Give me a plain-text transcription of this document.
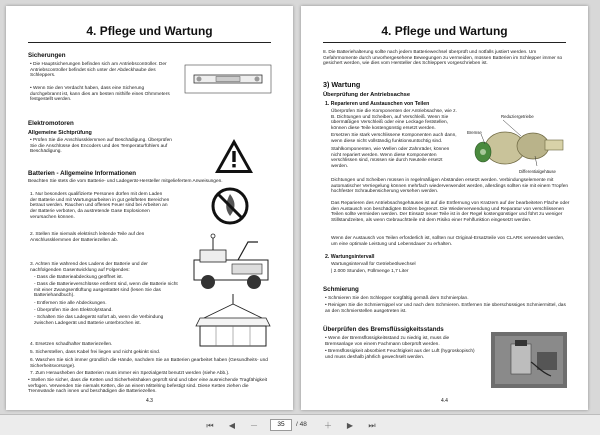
4. Pflege und Wartung
Sicherungen
• Die Hauptsicherungen befinden sich am Antriebscontroller. Der Antriebscontroller befindet sich unter der Abdeckhaube des Schleppers.
• Wenn Sie den Verdacht haben, dass eine Sicherung durchgebrannt ist, kann dies am besten mithilfe eines Ohmmeters festgestellt werden.
Elektromotoren
Allgemeine Sichtprüfung
• Prüfen Sie die Anschlussklemmen auf Beschädigung. Überprüfen Sie die Anschlüsse des Encoders und des Temperaturfühlers auf Beschädigung.
Batterien - Allgemeine Informationen
Beachten Sie stets die vom Batterie- und Ladegerät-Hersteller mitgeliefertem Anweisungen.
1. Nur besonders qualifizierte Personen dürfen mit dem Laden der Batterie und mit Wartungsarbeiten in gut gelüfteten Bereichen betraut werden. Rauchen und offenes Feuer sind bei Arbeiten an der Batterie verboten, da austretende Gase Explosionen verursachen können.
2. Stellen Sie niemals elektrisch leitende Teile auf den Anschlussklemmen der Batteriezellen ab.
3. Achten Sie während des Ladens der Batterie und der nachfolgenden Gasentwicklung auf Folgendes:
- Dass die Batterieabdeckung geöffnet ist.
- Dass die Batterieverschlüsse entfernt sind, wenn die Batterie nicht mit einer Zwangsentlüftung ausgestattet sind (lesen Sie das Batteriehandbuch).
- Entfernen Sie alle Abdeckungen.
- Überprüfen Sie den Elektrolytstand.
- Schalten Sie das Ladegerät sofort ab, wenn die Verbindung zwischen Ladegerät und Batterie unterbrochen ist.
4. Ersetzen schadhafter Batteriezellen.
5. Sicherstellen, dass Kabel frei liegen und nicht gekinkt sind.
6. Waschen Sie sich immer gründlich die Hände, nachdem Sie an Batterien gearbeitet haben (Gesundheits- und Sicherheitsvorsorge).
7. Zum Herausheben der Batterien muss immer ein Spezialgerät benutzt werden (siehe Abb.).
• Stellen Sie sicher, dass die Ketten und Sicherheitshaken geprüft sind und über eine ausreichende Tragfähigkeit verfügen. Verwenden Sie niemals Ketten, die an einem Mittelring befestigt sind. Diese Ketten ziehen die Trennwände nach innen und beschädigen die Batteriezellen.
4.3
4. Pflege und Wartung
8. Die Batteriehalterung sollte nach jedem Batteriewechsel überprüft und notfalls justiert werden. Um Gefahrmomente durch unvorhergesehene Bewegungen zu vermeiden, müssen Batterien im Schlepper immer so gesichert werden, wie dies vom Hersteller des Schleppers vorgeschrieben ist.
3) Wartung
Überprüfung der Antriebsachse
1. Reparieren und Austauschen von Teilen
Überprüfen Sie die Komponenten der Antriebsachse, wie z. B. Dichtungen und Scheiben, auf Verschleiß. Wenn Sie übermäßigen Verschleiß oder eine Leckage feststellen, können diese Teile kostengünstig ersetzt werden.
Ersetzen Sie stark verschlissene Komponenten auch dann, wenn diese nicht vollständig funktionsuntüchtig sind.
Stahlkomponenten, wie Wellen oder Zahnräder, können nicht repariert werden. Wenn diese Komponenten verschlissen sind, müssen sie durch Neuteile ersetzt werden.
Reduziergetriebe
Bremse
Differentialgehäuse
Dichtungen und Scheiben müssen in regelmäßigen Abständen ersetzt werden. Verbindungselemente mit automatischer Verriegelung können mehrfach wiederverwendet werden, allerdings sollten sie mit einem Tropfen hochfester Schraubensicherung versehen werden.
Das Reparieren des Antriebsachsgehäuses ist auf die Entfernung von Kratzern auf der bearbeiteten Fläche oder den Austausch von beschädigten Bolzen begrenzt. Die Wiederverwendung und Reparatur von verschlissenen Teilen sollte vermieden werden. Der Einsatz neuer Teile ist in der Regel kostengünstiger und führt zu weniger Stillstandzeiten, als wenn Gebrauchtteile mit dem Risiko einer Fehlfunktion eingesetzt werden.
Wenn der Austausch von Teilen erforderlich ist, sollten nur Original-Ersatzteile von CLARK verwendet werden, um eine optimale Leistung und Lebensdauer zu erhalten.
2. Wartungsintervall
Wartungsintervall für Getriebeölwechsel
| 2.000 Stunden, Füllmenge 1,7 Liter
Schmierung
• Schmieren Sie den Schlepper sorgfältig gemäß dem Schmierplan.
• Reinigen Sie die Schmiernippel vor und nach dem Schmieren. Entfernen Sie überschüssiges Schmiermittel, das an den Schmierstellen ausgetreten ist.
Überprüfen des Bremsflüssigkeitsstands
• Wenn der Bremsflüssigkeitsstand zu niedrig ist, muss die Bremsanlage von einem Fachmann überprüft werden.
• Bremsflüssigkeit absorbiert Feuchtigkeit aus der Luft (hygroskopisch) und muss deshalb jährlich gewechselt werden.
4.4
⏮	◀	－	35	/ 48 ＋	▶	⏭
